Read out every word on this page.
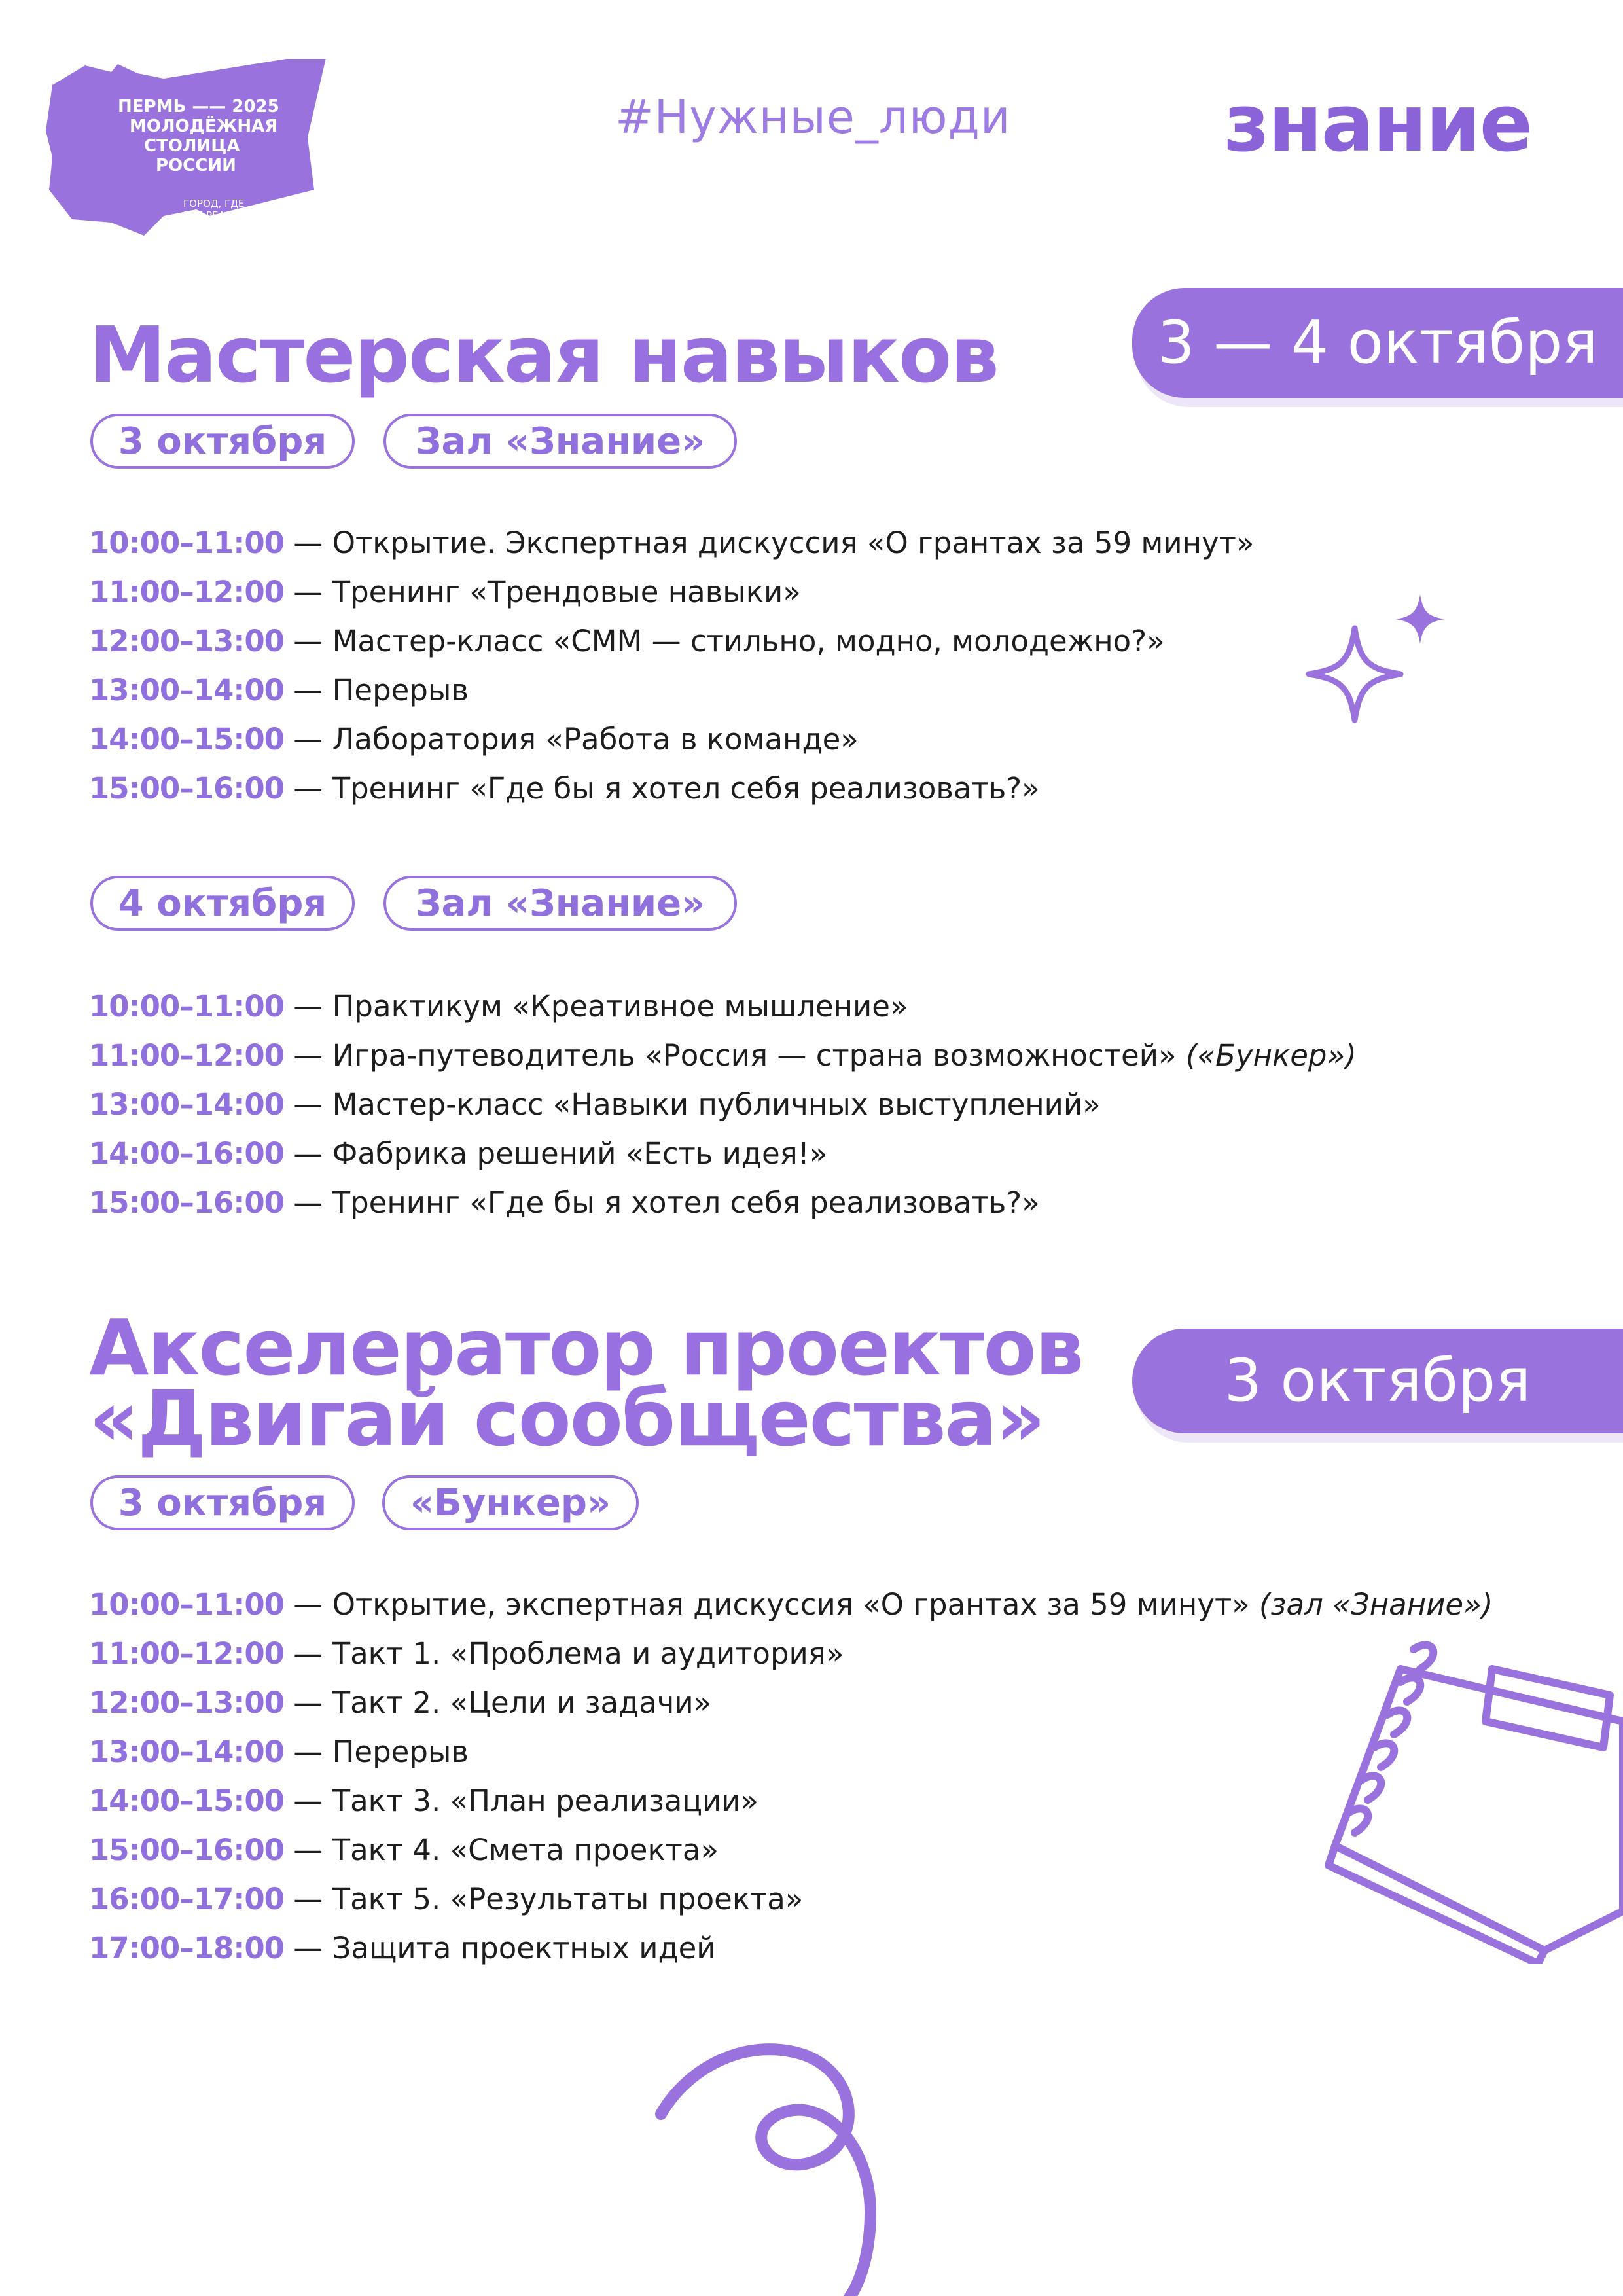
ПЕРМЬ —— 2025
МОЛОДЁЖНАЯ
СТОЛИЦА
РОССИИ
ГОРОД, ГДЕ
ВСЕ РЕАЛЬНО!
#Нужные_люди	знание
Мастерская навыков	3 — 4 октября
3 октября	Зал «Знание»
10:00–11:00 — Открытие. Экспертная дискуссия «О грантах за 59 минут»
11:00–12:00 — Тренинг «Трендовые навыки»
12:00–13:00 — Мастер-класс «СММ — стильно, модно, молодежно?»
13:00–14:00 — Перерыв
14:00–15:00 — Лаборатория «Работа в команде»
15:00–16:00 — Тренинг «Где бы я хотел себя реализовать?»
4 октября	Зал «Знание»
10:00–11:00 — Практикум «Креативное мышление»
11:00–12:00 — Игра-путеводитель «Россия — страна возможностей» («Бункер»)
13:00–14:00 — Мастер-класс «Навыки публичных выступлений»
14:00–16:00 — Фабрика решений «Есть идея!»
15:00–16:00 — Тренинг «Где бы я хотел себя реализовать?»
Акселератор проектов
«Двигай сообщества»	3 октября
3 октября	«Бункер»
10:00–11:00 — Открытие, экспертная дискуссия «О грантах за 59 минут» (зал «Знание»)
11:00–12:00 — Такт 1. «Проблема и аудитория»
12:00–13:00 — Такт 2. «Цели и задачи»
13:00–14:00 — Перерыв
14:00–15:00 — Такт 3. «План реализации»
15:00–16:00 — Такт 4. «Смета проекта»
16:00–17:00 — Такт 5. «Результаты проекта»
17:00–18:00 — Защита проектных идей
